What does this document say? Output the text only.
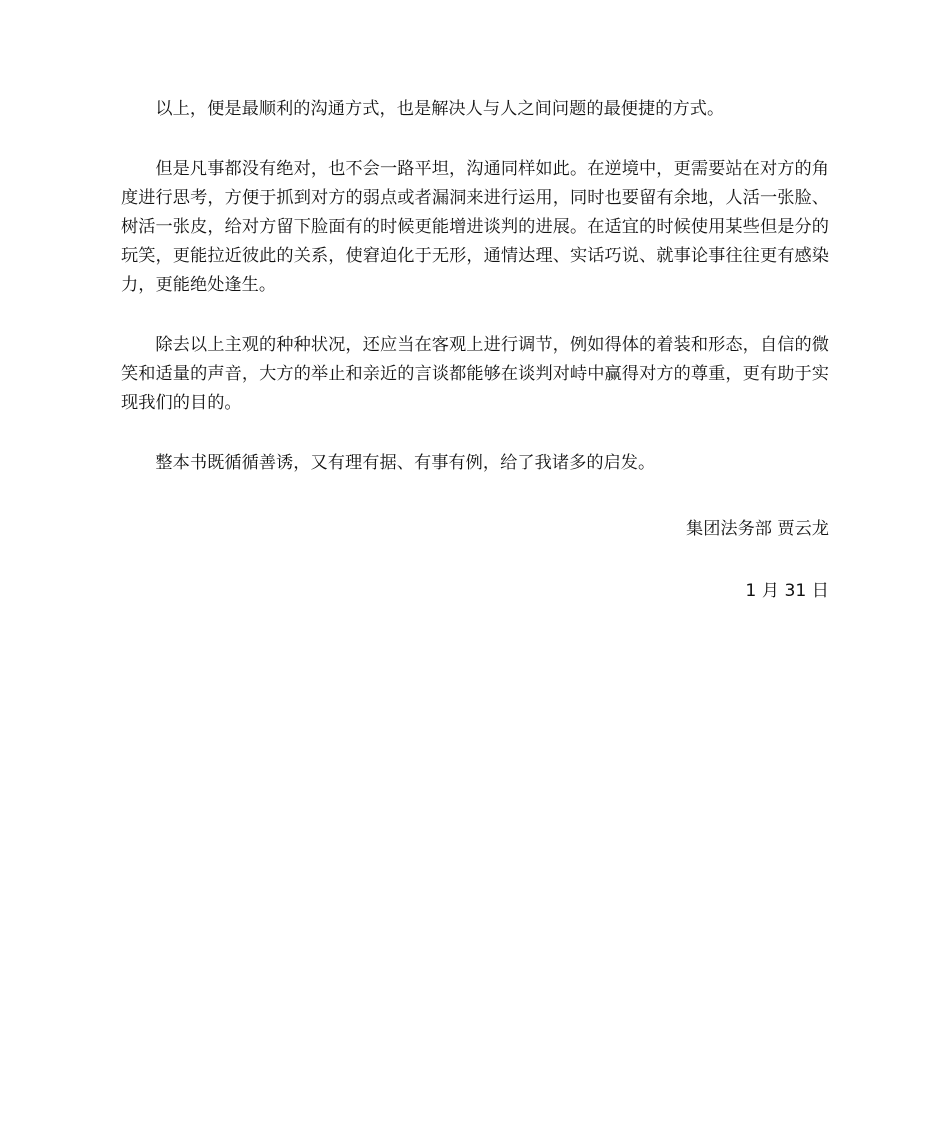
以上，便是最顺利的沟通方式，也是解决人与人之间问题的最便捷的方式。

但是凡事都没有绝对，也不会一路平坦，沟通同样如此。在逆境中，更需要站在对方的角度进行思考，方便于抓到对方的弱点或者漏洞来进行运用，同时也要留有余地，人活一张脸、树活一张皮，给对方留下脸面有的时候更能增进谈判的进展。在适宜的时候使用某些但是分的玩笑，更能拉近彼此的关系，使窘迫化于无形，通情达理、实话巧说、就事论事往往更有感染力，更能绝处逢生。

除去以上主观的种种状况，还应当在客观上进行调节，例如得体的着装和形态，自信的微笑和适量的声音，大方的举止和亲近的言谈都能够在谈判对峙中赢得对方的尊重，更有助于实现我们的目的。

整本书既循循善诱，又有理有据、有事有例，给了我诸多的启发。

集团法务部 贾云龙
1 月 31 日
